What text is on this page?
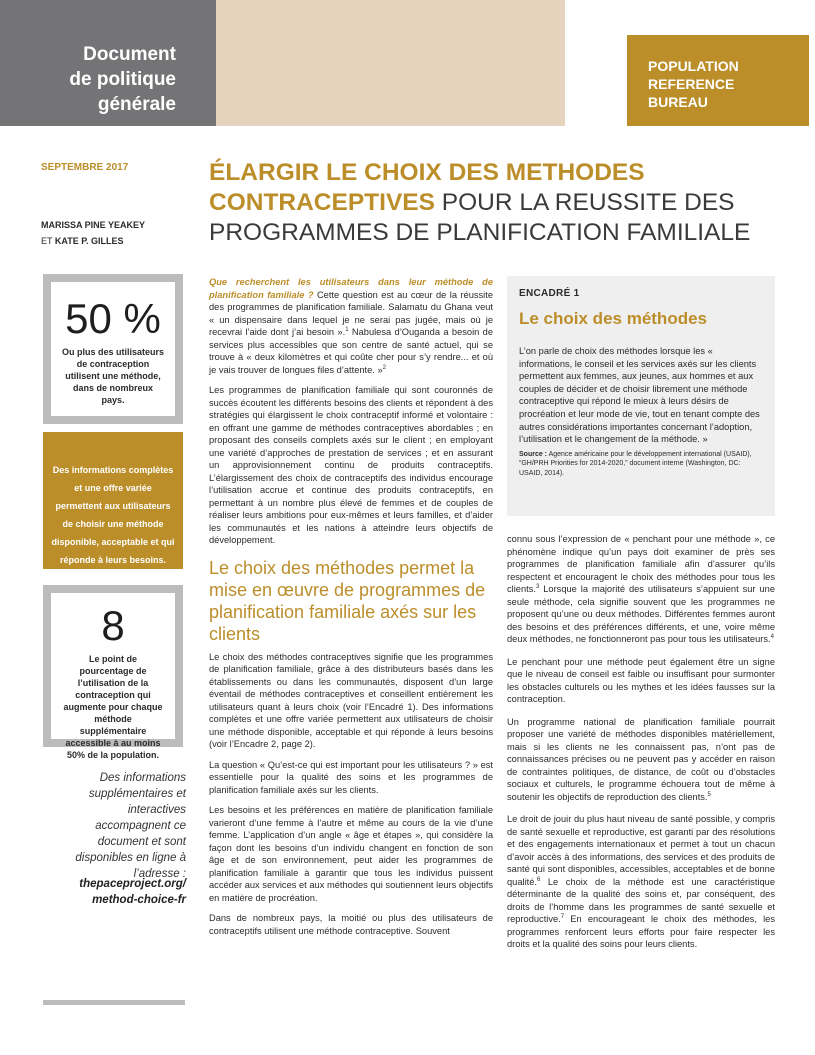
Document
de politique
générale
POPULATION
REFERENCE
BUREAU
SEPTEMBRE 2017
MARISSA PINE YEAKEY
ET KATE P. GILLES
ÉLARGIR LE CHOIX DES METHODES
CONTRACEPTIVES POUR LA REUSSITE DES
PROGRAMMES DE PLANIFICATION FAMILIALE
50 %
Ou plus des utilisateurs de contraception utilisent une méthode, dans de nombreux pays.
Des informations complètes et une offre variée permettent aux utilisateurs de choisir une méthode disponible, acceptable et qui réponde à leurs besoins.
8
Le point de pourcentage de l’utilisation de la contraception qui augmente pour chaque méthode supplémentaire accessible à au moins 50% de la population.
Des informations supplémentaires et interactives accompagnent ce document et sont disponibles en ligne à l’adresse :
thepaceproject.org/
method-choice-fr

Que recherchent les utilisateurs dans leur méthode de planification familiale ? Cette question est au cœur de la réussite des programmes de planification familiale. Salamatu du Ghana veut « un dispensaire dans lequel je ne serai pas jugée, mais où je recevrai l’aide dont j’ai besoin ».$^1$ Nabulesa d’Ouganda a besoin de services plus accessibles que son centre de santé actuel, qui se trouve à « deux kilomètres et qui coûte cher pour s’y rendre... et où je vais trouver de longues files d’attente. »$^2$

Les programmes de planification familiale qui sont couronnés de succès écoutent les différents besoins des clients et répondent à des stratégies qui élargissent le choix contraceptif informé et volontaire : en offrant une gamme de méthodes contraceptives abordables ; en proposant des conseils complets axés sur le client ; en employant une variété d’approches de prestation de services ; et en assurant un approvisionnement continu de produits contraceptifs. L’élargissement des choix de contraceptifs des individus encourage l’utilisation accrue et continue des produits contraceptifs, en permettant à un nombre plus élevé de femmes et de couples de réaliser leurs ambitions pour eux-mêmes et leurs familles, et d’aider les communautés et les nations à atteindre leurs objectifs de développement.

Le choix des méthodes permet la mise en œuvre de programmes de planification familiale axés sur les clients

Le choix des méthodes contraceptives signifie que les programmes de planification familiale, grâce à des distributeurs basés dans les établissements ou dans les communautés, disposent d’un large éventail de méthodes contraceptives et conseillent entièrement les utilisateurs quant à leurs choix (voir l’Encadré 1). Des informations complètes et une offre variée permettent aux utilisateurs de choisir une méthode disponible, acceptable et qui réponde à leurs besoins (voir l’Encadre 2, page 2).

La question « Qu’est-ce qui est important pour les utilisateurs ? » est essentielle pour la qualité des soins et les programmes de planification familiale axés sur les clients.

Les besoins et les préférences en matière de planification familiale varieront d’une femme à l’autre et même au cours de la vie d’une femme. L’application d’un angle « âge et étapes », qui considère la façon dont les besoins d’un individu changent en fonction de son âge et de son environnement, peut aider les programmes de planification familiale à garantir que tous les individus puissent accéder aux services et aux méthodes qui soutiennent leurs objectifs en matière de procréation.

Dans de nombreux pays, la moitié ou plus des utilisateurs de contraceptifs utilisent une méthode contraceptive. Souvent

ENCADRÉ 1
Le choix des méthodes
L’on parle de choix des méthodes lorsque les « informations, le conseil et les services axés sur les clients permettent aux femmes, aux jeunes, aux hommes et aux couples de décider et de choisir librement une méthode contraceptive qui répond le mieux à leurs désirs de procréation et leur mode de vie, tout en tenant compte des autres considérations importantes concernant l’adoption, l’utilisation et le changement de la méthode. »
Source : Agence américaine pour le développement international (USAID), “GH/PRH Priorities for 2014-2020,” document interne (Washington, DC: USAID, 2014).

connu sous l’expression de « penchant pour une méthode », ce phénomène indique qu’un pays doit examiner de près ses programmes de planification familiale afin d’assurer qu’ils respectent et encouragent le choix des méthodes pour tous les clients.$^3$ Lorsque la majorité des utilisateurs s’appuient sur une seule méthode, cela signifie souvent que les programmes ne proposent qu’une ou deux méthodes. Différentes femmes auront des besoins et des préférences différents, et une, voire même deux méthodes, ne fonctionneront pas pour tous les utilisateurs.$^4$

Le penchant pour une méthode peut également être un signe que le niveau de conseil est faible ou insuffisant pour surmonter les obstacles culturels ou les mythes et les idées fausses sur la contraception.

Un programme national de planification familiale pourrait proposer une variété de méthodes disponibles matériellement, mais si les clients ne les connaissent pas, n’ont pas de connaissances précises ou ne peuvent pas y accéder en raison de contraintes politiques, de distance, de coût ou d’obstacles sociaux et culturels, le programme échouera tout de même à soutenir les objectifs de reproduction des clients.$^5$

Le droit de jouir du plus haut niveau de santé possible, y compris de santé sexuelle et reproductive, est garanti par des résolutions et des engagements internationaux et permet à tout un chacun d’avoir accès à des informations, des services et des produits de santé qui sont disponibles, accessibles, acceptables et de bonne qualité.$^6$ Le choix de la méthode est une caractéristique déterminante de la qualité des soins et, par conséquent, des droits de l’homme dans les programmes de santé sexuelle et reproductive.$^7$ En encourageant le choix des méthodes, les programmes renforcent leurs efforts pour faire respecter les droits et la qualité des soins pour leurs clients.
